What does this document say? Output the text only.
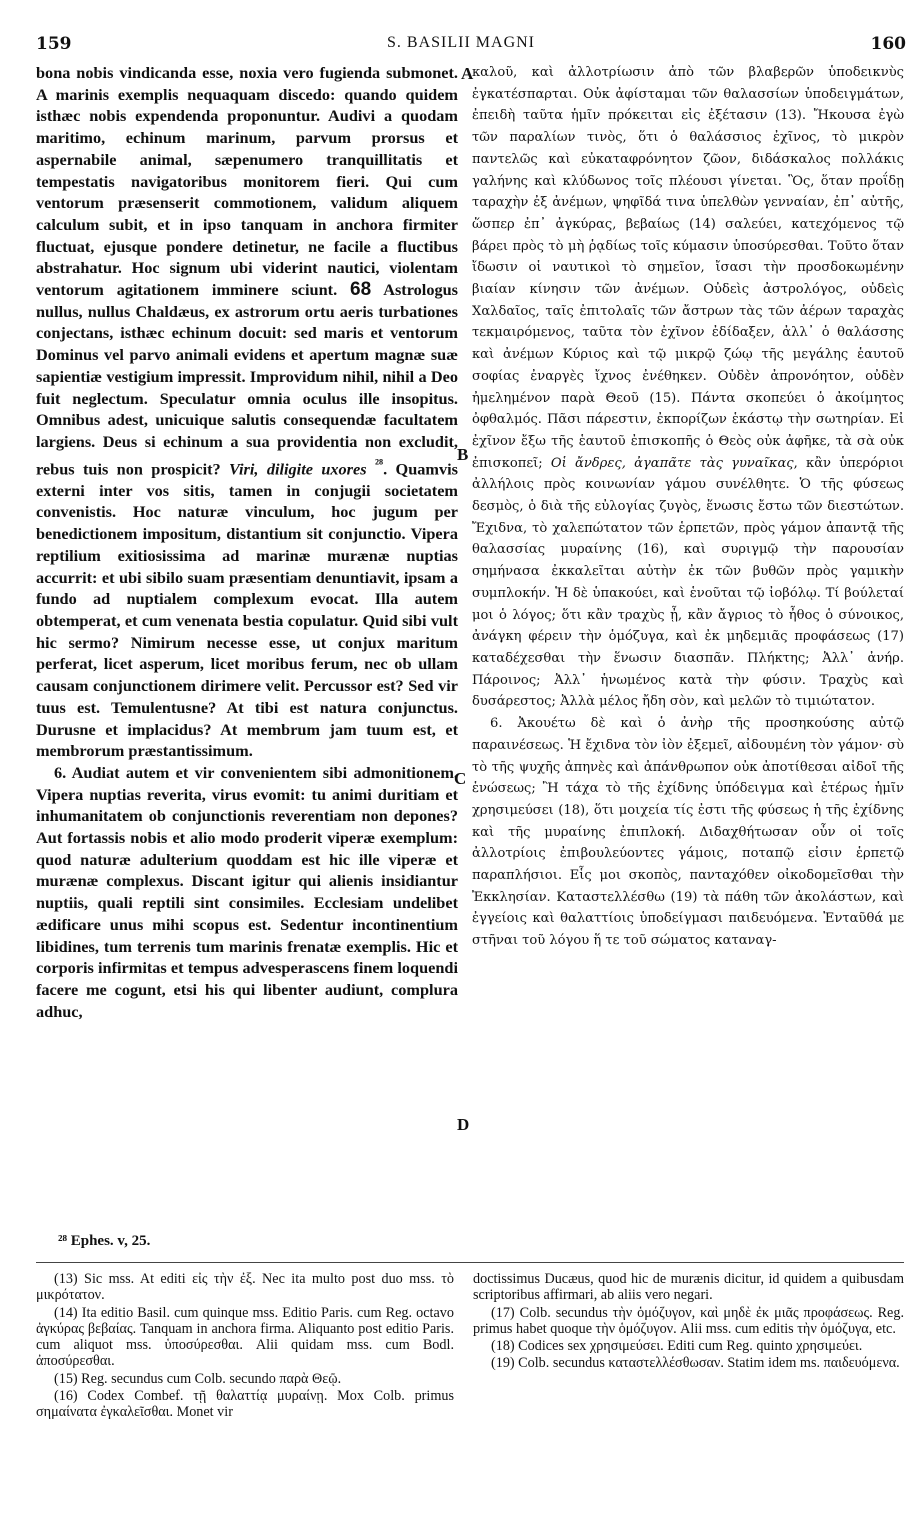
159	S. BASILII MAGNI	160

bona nobis vindicanda esse, noxia vero fugienda submonet. A marinis exemplis nequaquam discedo: quando quidem isthæc nobis expendenda proponuntur. Audivi a quodam maritimo, echinum marinum, parvum prorsus et aspernabile animal, sæpenumero tranquillitatis et tempestatis navigatoribus monitorem fieri. Qui cum ventorum præsenserit commotionem, validum aliquem calculum subit, et in ipso tanquam in anchora firmiter fluctuat, ejusque pondere detinetur, ne facile a fluctibus abstrahatur. Hoc signum ubi viderint nautici, violentam ventorum agitationem imminere sciunt. 68 Astrologus nullus, nullus Chaldæus, ex astrorum ortu aeris turbationes conjectans, isthæc echinum docuit: sed maris et ventorum Dominus vel parvo animali evidens et apertum magnæ suæ sapientiæ vestigium impressit. Improvidum nihil, nihil a Deo fuit neglectum. Speculatur omnia oculus ille insopitus. Omnibus adest, unicuique salutis consequendæ facultatem largiens. Deus si echinum a sua providentia non excludit, rebus tuis non prospicit? Viri, diligite uxores $^{^{28}}$. Quamvis externi inter vos sitis, tamen in conjugii societatem convenistis. Hoc naturæ vinculum, hoc jugum per benedictionem impositum, distantium sit conjunctio. Vipera reptilium exitiosissima ad marinæ murænæ nuptias accurrit: et ubi sibilo suam præsentiam denuntiavit, ipsam a fundo ad nuptialem complexum evocat. Illa autem obtemperat, et cum venenata bestia copulatur. Quid sibi vult hic sermo? Nimirum necesse esse, ut conjux maritum perferat, licet asperum, licet moribus ferum, nec ob ullam causam conjunctionem dirimere velit. Percussor est? Sed vir tuus est. Temulentusne? At tibi est natura conjunctus. Durusne et implacidus? At membrum jam tuum est, et membrorum præstantissimum.

6. Audiat autem et vir convenientem sibi admonitionem. Vipera nuptias reverita, virus evomit: tu animi duritiam et inhumanitatem ob conjunctionis reverentiam non depones? Aut fortassis nobis et alio modo proderit viperæ exemplum: quod naturæ adulterium quoddam est hic ille viperæ et murænæ complexus. Discant igitur qui alienis insidiantur nuptiis, quali reptili sint consimiles. Ecclesiam undelibet ædificare unus mihi scopus est. Sedentur incontinentium libidines, tum terrenis tum marinis frenatæ exemplis. Hic et corporis infirmitas et tempus advesperascens finem loquendi facere me cogunt, etsi his qui libenter audiunt, complura adhuc,

A
B
C
D

καλοῦ, καὶ ἀλλοτρίωσιν ἀπὸ τῶν βλαβερῶν ὑποδεικνὺς ἐγκατέσπαρται. Οὐκ ἀφίσταμαι τῶν θαλασσίων ὑποδειγμάτων, ἐπειδὴ ταῦτα ἡμῖν πρόκειται εἰς ἐξέτασιν (13). Ἤκουσα ἐγὼ τῶν παραλίων τινὸς, ὅτι ὁ θαλάσσιος ἐχῖνος, τὸ μικρὸν παντελῶς καὶ εὐκαταφρόνητον ζῶον, διδάσκαλος πολλάκις γαλήνης καὶ κλύδωνος τοῖς πλέουσι γίνεται. Ὃς, ὅταν προΐδῃ ταραχὴν ἐξ ἀνέμων, ψηφῖδά τινα ὑπελθὼν γενναίαν, ἐπ᾿ αὐτῆς, ὥσπερ ἐπ᾿ ἀγκύρας, βεβαίως (14) σαλεύει, κατεχόμενος τῷ βάρει πρὸς τὸ μὴ ῥᾳδίως τοῖς κύμασιν ὑποσύρεσθαι. Τοῦτο ὅταν ἴδωσιν οἱ ναυτικοὶ τὸ σημεῖον, ἴσασι τὴν προσδοκωμένην βιαίαν κίνησιν τῶν ἀνέμων. Οὐδεὶς ἀστρολόγος, οὐδεὶς Χαλδαῖος, ταῖς ἐπιτολαῖς τῶν ἄστρων τὰς τῶν ἀέρων ταραχὰς τεκμαιρόμενος, ταῦτα τὸν ἐχῖνον ἐδίδαξεν, ἀλλ᾿ ὁ θαλάσσης καὶ ἀνέμων Κύριος καὶ τῷ μικρῷ ζώῳ τῆς μεγάλης ἑαυτοῦ σοφίας ἐναργὲς ἴχνος ἐνέθηκεν. Οὐδὲν ἀπρονόητον, οὐδὲν ἠμελημένον παρὰ Θεοῦ (15). Πάντα σκοπεύει ὁ ἀκοίμητος ὀφθαλμός. Πᾶσι πάρεστιν, ἐκπορίζων ἑκάστῳ τὴν σωτηρίαν. Εἰ ἐχῖνον ἔξω τῆς ἑαυτοῦ ἐπισκοπῆς ὁ Θεὸς οὐκ ἀφῆκε, τὰ σὰ οὐκ ἐπισκοπεῖ; Οἱ ἄνδρες, ἀγαπᾶτε τὰς γυναῖκας, κἂν ὑπερόριοι ἀλλήλοις πρὸς κοινωνίαν γάμου συνέλθητε. Ὁ τῆς φύσεως δεσμὸς, ὁ διὰ τῆς εὐλογίας ζυγὸς, ἕνωσις ἔστω τῶν διεστώτων. Ἔχιδνα, τὸ χαλεπώτατον τῶν ἑρπετῶν, πρὸς γάμον ἀπαντᾷ τῆς θαλασσίας μυραίνης (16), καὶ συριγμῷ τὴν παρουσίαν σημήνασα ἐκκαλεῖται αὐτὴν ἐκ τῶν βυθῶν πρὸς γαμικὴν συμπλοκήν. Ἡ δὲ ὑπακούει, καὶ ἑνοῦται τῷ ἰοβόλῳ. Τί βούλεταί μοι ὁ λόγος; ὅτι κἂν τραχὺς ᾖ, κἂν ἄγριος τὸ ἦθος ὁ σύνοικος, ἀνάγκη φέρειν τὴν ὁμόζυγα, καὶ ἐκ μηδεμιᾶς προφάσεως (17) καταδέχεσθαι τὴν ἕνωσιν διασπᾶν. Πλήκτης; Ἀλλ᾿ ἀνήρ. Πάροινος; Ἀλλ᾿ ἡνωμένος κατὰ τὴν φύσιν. Τραχὺς καὶ δυσάρεστος; Ἀλλὰ μέλος ἤδη σὸν, καὶ μελῶν τὸ τιμιώτατον.

6. Ἀκουέτω δὲ καὶ ὁ ἀνὴρ τῆς προσηκούσης αὐτῷ παραινέσεως. Ἡ ἔχιδνα τὸν ἰὸν ἐξεμεῖ, αἰδουμένη τὸν γάμον· σὺ τὸ τῆς ψυχῆς ἀπηνὲς καὶ ἀπάνθρωπον οὐκ ἀποτίθεσαι αἰδοῖ τῆς ἑνώσεως; Ἢ τάχα τὸ τῆς ἐχίδνης ὑπόδειγμα καὶ ἑτέρως ἡμῖν χρησιμεύσει (18), ὅτι μοιχεία τίς ἐστι τῆς φύσεως ἡ τῆς ἐχίδνης καὶ τῆς μυραίνης ἐπιπλοκή. Διδαχθήτωσαν οὖν οἱ τοῖς ἀλλοτρίοις ἐπιβουλεύοντες γάμοις, ποταπῷ εἰσιν ἑρπετῷ παραπλήσιοι. Εἷς μοι σκοπὸς, πανταχόθεν οἰκοδομεῖσθαι τὴν Ἐκκλησίαν. Καταστελλέσθω (19) τὰ πάθη τῶν ἀκολάστων, καὶ ἐγγείοις καὶ θαλαττίοις ὑποδείγμασι παιδευόμενα. Ἐνταῦθά με στῆναι τοῦ λόγου ἥ τε τοῦ σώματος καταναγ-

²⁸ Ephes. v, 25.

(13) Sic mss. At editi εἰς τὴν ἐξ. Nec ita multo post duo mss. τὸ μικρότατον.

(14) Ita editio Basil. cum quinque mss. Editio Paris. cum Reg. octavo ἀγκύρας βεβαίας. Tanquam in anchora firma. Aliquanto post editio Paris. cum aliquot mss. ὑποσύρεσθαι. Alii quidam mss. cum Bodl. ἀποσύρεσθαι.

(15) Reg. secundus cum Colb. secundo παρὰ Θεῷ.

(16) Codex Combef. τῇ θαλαττίᾳ μυραίνῃ. Mox Colb. primus σημαίνατα ἐγκαλεῖσθαι. Monet vir

doctissimus Ducæus, quod hic de murænis dicitur, id quidem a quibusdam scriptoribus affirmari, ab aliis vero negari.

(17) Colb. secundus τὴν ὁμόζυγον, καὶ μηδὲ ἐκ μιᾶς προφάσεως. Reg. primus habet quoque τὴν ὁμόζυγον. Alii mss. cum editis τὴν ὁμόζυγα, etc.

(18) Codices sex χρησιμεύσει. Editi cum Reg. quinto χρησιμεύει.

(19) Colb. secundus καταστελλέσθωσαν. Statim idem ms. παιδευόμενα.
